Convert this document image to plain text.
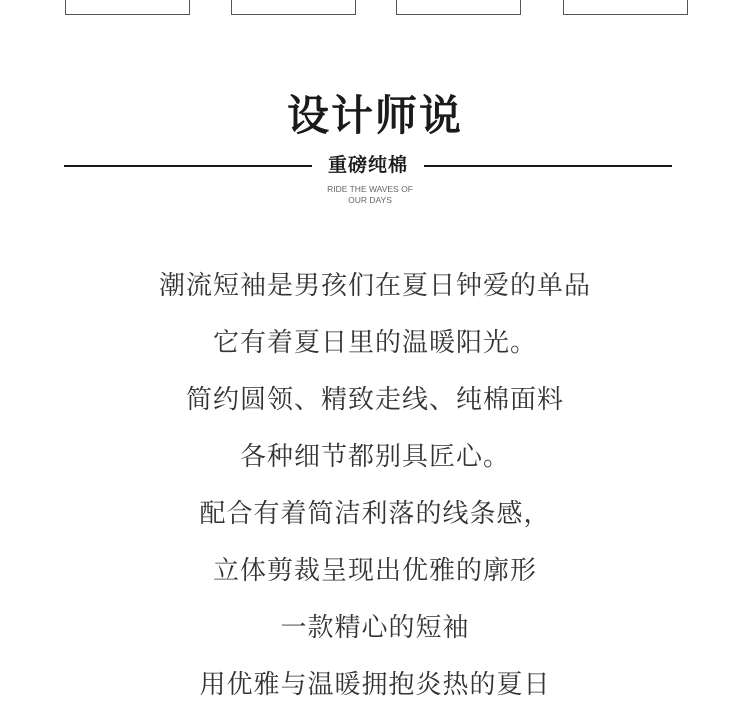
设计师说
重磅纯棉
RIDE THE WAVES OF
OUR DAYS
潮流短袖是男孩们在夏日钟爱的单品
它有着夏日里的温暖阳光。
简约圆领、精致走线、纯棉面料
各种细节都别具匠心。
配合有着简洁利落的线条感，
立体剪裁呈现出优雅的廓形
一款精心的短袖
用优雅与温暖拥抱炎热的夏日
